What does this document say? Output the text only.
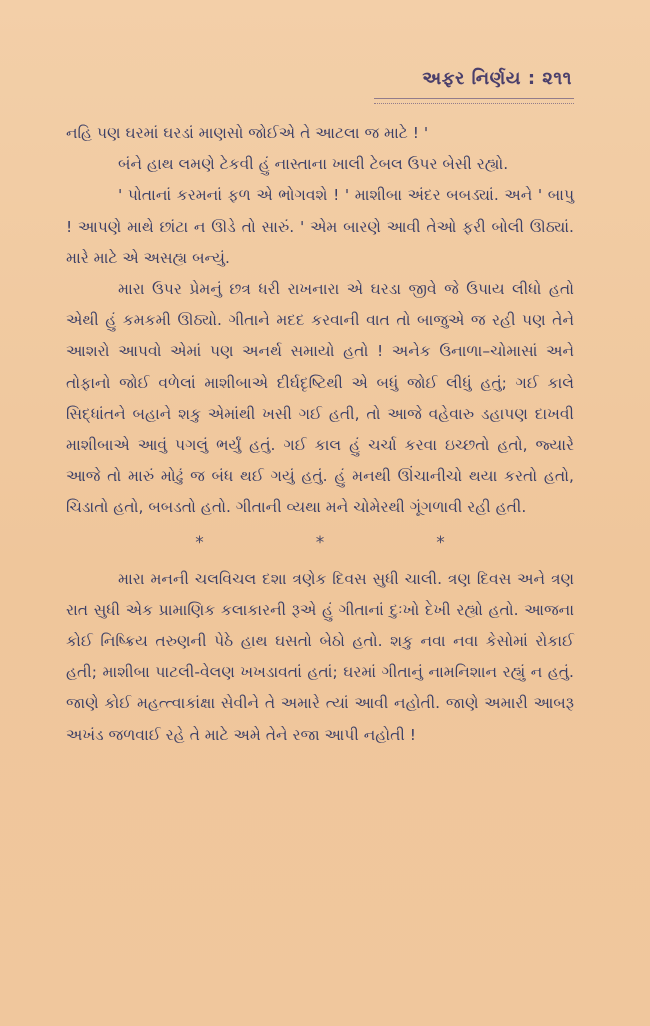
અફર નિર્ણય : ૨૧૧

નહિ પણ ઘરમાં ઘરડાં માણસો જોઈએ તે આટલા જ માટે ! '

બંને હાથ લમણે ટેકવી હું નાસ્તાના ખાલી ટેબલ ઉપર બેસી રહ્યો.

' પોતાનાં કરમનાં ફળ એ ભોગવશે ! ' માશીબા અંદર બબડ્યાં. અને ' બાપુ ! આપણે માથે છાંટા ન ઊડે તો સારું. ' એમ બારણે આવી તેઓ ફરી બોલી ઊઠ્યાં. મારે માટે એ અસહ્ય બન્યું.

મારા ઉપર પ્રેમનું છત્ર ધરી રાખનારા એ ઘરડા જીવે જે ઉપાય લીધો હતો એથી હું કમકમી ઊઠ્યો. ગીતાને મદદ કરવાની વાત તો બાજુએ જ રહી પણ તેને આશરો આપવો એમાં પણ અનર્થ સમાયો હતો ! અનેક ઉનાળા–ચોમાસાં અને તોફાનો જોઈ વળેલાં માશીબાએ દીર્ઘદૃષ્ટિથી એ બધું જોઈ લીધું હતું; ગઈ કાલે સિદ્ધાંતને બહાને શકુ એમાંથી ખસી ગઈ હતી, તો આજે વહેવારુ ડહાપણ દાખવી માશીબાએ આવું પગલું ભર્યું હતું. ગઈ કાલ હું ચર્ચા કરવા ઇચ્છતો હતો, જ્યારે આજે તો મારું મોઢું જ બંધ થઈ ગયું હતું. હું મનથી ઊંચાનીચો થયા કરતો હતો, ચિડાતો હતો, બબડતો હતો. ગીતાની વ્યથા મને ચોમેરથી ગૂંગળાવી રહી હતી.

*	*	*

મારા મનની ચલવિચલ દશા ત્રણેક દિવસ સુધી ચાલી. ત્રણ દિવસ અને ત્રણ રાત સુધી એક પ્રામાણિક કલાકારની રૂએ હું ગીતાનાં દુઃખો દેખી રહ્યો હતો. આજના કોઈ નિષ્ક્રિય તરુણની પેઠે હાથ ઘસતો બેઠો હતો. શકુ નવા નવા કેસોમાં રોકાઈ હતી; માશીબા પાટલી-વેલણ ખખડાવતાં હતાં; ઘરમાં ગીતાનું નામનિશાન રહ્યું ન હતું. જાણે કોઈ મહત્ત્વાકાંક્ષા સેવીને તે અમારે ત્યાં આવી નહોતી. જાણે અમારી આબરૂ અખંડ જળવાઈ રહે તે માટે અમે તેને રજા આપી નહોતી !
